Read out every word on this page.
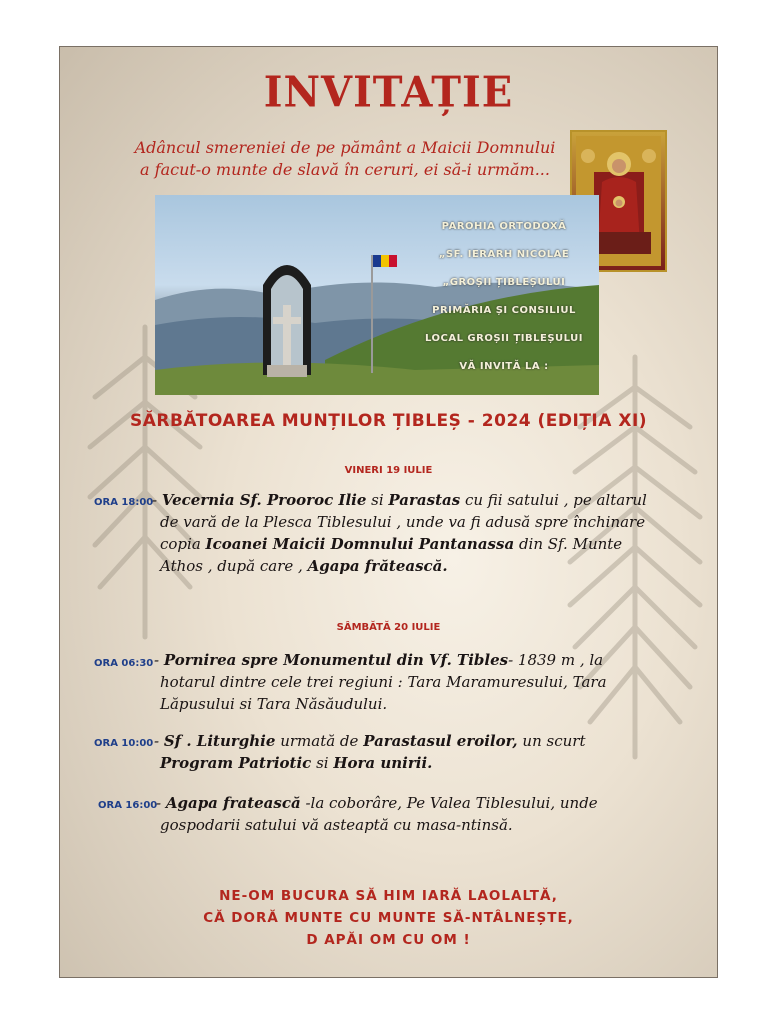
INVITAȚIE
Adâncul smereniei de pe pământ a Maicii Domnului
a facut-o munte de slavă în ceruri, ei să-i urmăm...
PAROHIA ORTODOXĂ
„SF. IERARH NICOLAE
„GROȘII ȚIBLEȘULUI
PRIMĂRIA ȘI CONSILIUL
LOCAL GROȘII ȚIBLEȘULUI
VĂ INVITĂ LA :
SĂRBĂTOAREA MUNȚILOR ȚIBLEȘ - 2024 (EDIȚIA XI)
VINERI 19 IULIE
ORA 18:00
- Vecernia Sf. Prooroc Ilie si Parastas cu fii satului , pe altarul
de vară de la Plesca Tiblesului , unde va fi adusă spre închinare
copia Icoanei Maicii Domnului Pantanassa din Sf. Munte
Athos , după care , Agapa frătească.
SÂMBĂTĂ 20 IULIE
ORA 06:30 - Pornirea spre Monumentul din Vf. Tibles- 1839 m , la
hotarul dintre cele trei regiuni : Tara Maramuresului, Tara
Lăpusului si Tara Năsăudului.
ORA 10:00 - Sf . Liturghie urmată de Parastasul eroilor, un scurt
Program Patriotic si Hora unirii.
ORA 16:00
- Agapa fratească -la coborâre, Pe Valea Tiblesului, unde
gospodarii satului vă asteaptă cu masa-ntinsă.
NE-OM BUCURA SĂ HIM IARĂ LAOLALTĂ,
CĂ DORĂ MUNTE CU MUNTE SĂ-NTÂLNEȘTE,
D APĂI OM CU OM !
